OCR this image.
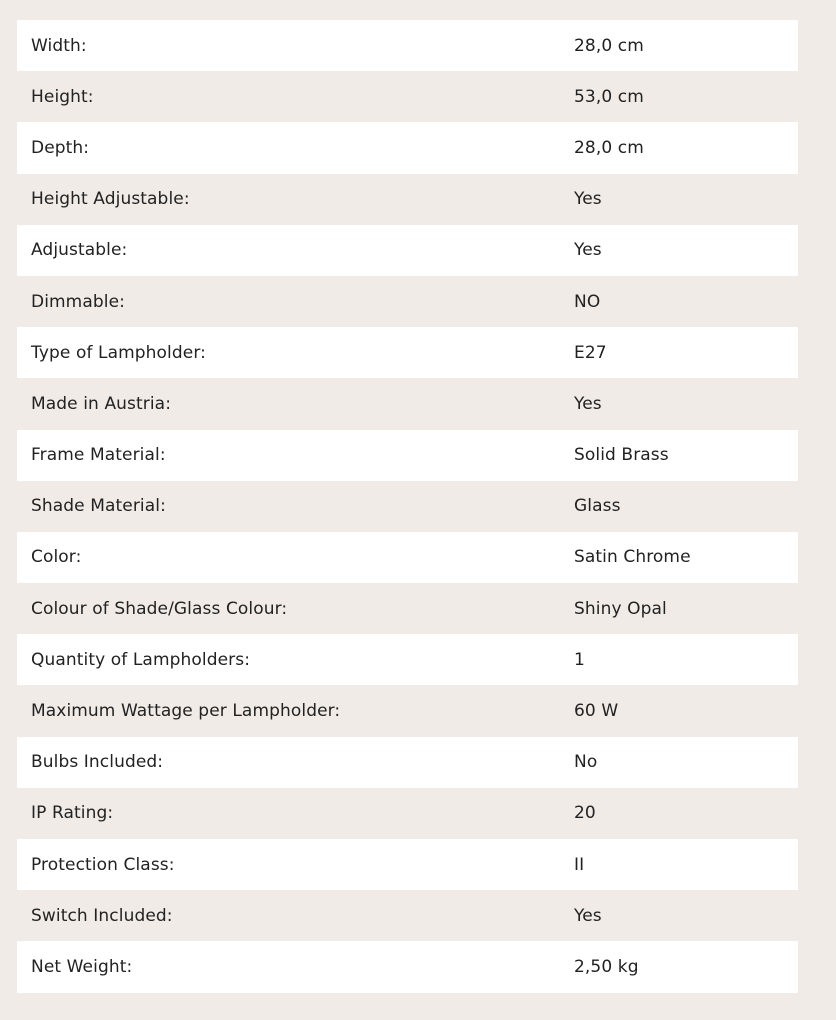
Width:	28,0 cm
Height:	53,0 cm
Depth:	28,0 cm
Height Adjustable:	Yes
Adjustable:	Yes
Dimmable:	NO
Type of Lampholder:	E27
Made in Austria:	Yes
Frame Material:	Solid Brass
Shade Material:	Glass
Color:	Satin Chrome
Colour of Shade/Glass Colour:	Shiny Opal
Quantity of Lampholders:	1
Maximum Wattage per Lampholder:	60 W
Bulbs Included:	No
IP Rating:	20
Protection Class:	II
Switch Included:	Yes
Net Weight:	2,50 kg
